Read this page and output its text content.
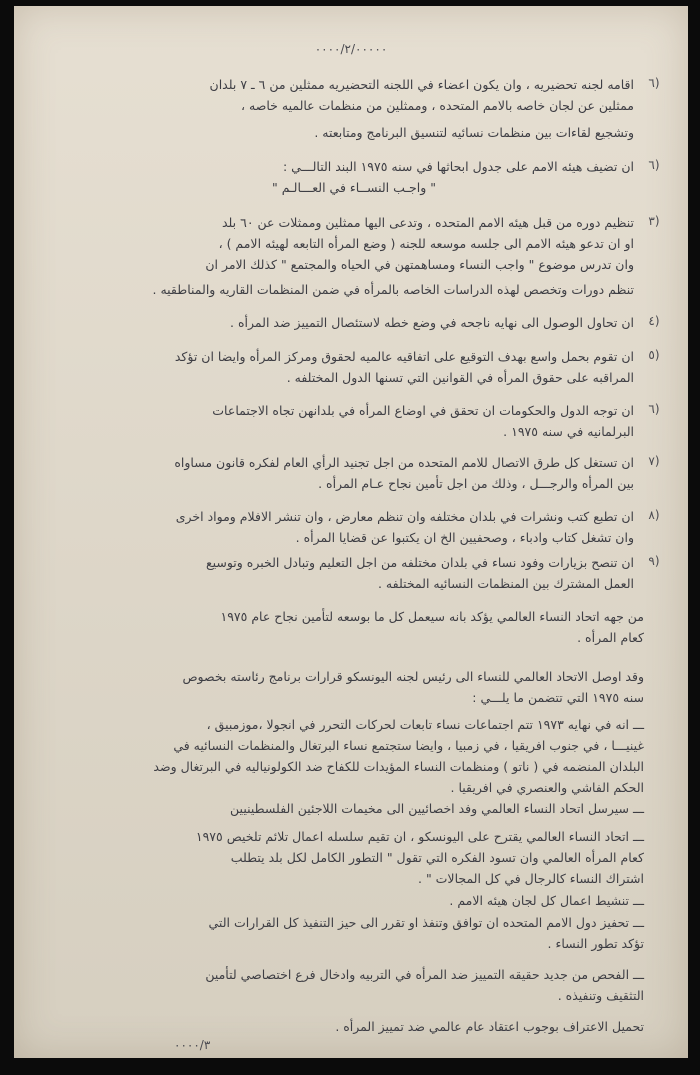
٠٠٠٠/٢/٠٠٠٠٠
٦)
اقامه لجنه تحضيريه ، وان يكون اعضاء في اللجنه التحضيريه ممثلين من ٦ ـ ٧ بلدان
ممثلين عن لجان خاصه بالامم المتحده ، وممثلين من منظمات عالميه خاصه ،
وتشجيع لقاءات بين منظمات نسائيه لتنسيق البرنامج ومتابعته .
٦)
ان تضيف هيئه الامم على جدول ابحاثها في سنه ١٩٧٥ البند التالـــي :
" واجـب النســاء في العـــالـم "
٣)
تنظيم دوره من قبل هيئه الامم المتحده ، وتدعى اليها ممثلين وممثلات عن ٦٠ بلد
او ان تدعو هيئه الامم الى جلسه موسعه للجنه ( وضع المرأه التابعه لهيئه الامم ) ،
وان تدرس موضوع " واجب النساء ومساهمتهن في الحياه والمجتمع " كذلك الامر ان
تنظم دورات وتخصص لهذه الدراسات الخاصه بالمرأه في ضمن المنظمات القاريه والمناطقيه .
٤)
ان تحاول الوصول الى نهايه ناجحه في وضع خطه لاستئصال التمييز ضد المرأه .
٥)
ان تقوم بحمل واسع بهدف التوقيع على اتفاقيه عالميه لحقوق ومركز المرأه وايضا ان تؤكد
المراقبه على حقوق المرأه في القوانين التي تسنها الدول المختلفه .
٦)
ان توجه الدول والحكومات ان تحقق في اوضاع المرأه في بلدانهن تجاه الاجتماعات
البرلمانيه في سنه ١٩٧٥ .
٧)
ان تستغل كل طرق الاتصال للامم المتحده من اجل تجنيد الرأي العام لفكره قانون مساواه
بين المرأه والرجـــل ، وذلك من اجل تأمين نجاح عـام المرأه .
٨)
ان تطبع كتب ونشرات في بلدان مختلفه وان تنظم معارض ، وان تنشر الافلام ومواد اخرى
وان تشغل كتاب وادباء ، وصحفيين الخ ان يكتبوا عن قضايا المرأه .
٩)
ان تنصح بزيارات وفود نساء في بلدان مختلفه من اجل التعليم وتبادل الخبره وتوسيع
العمل المشترك بين المنظمات النسائيه المختلفه .
من جهه اتحاد النساء العالمي يؤكد بانه سيعمل كل ما بوسعه لتأمين نجاح عام ١٩٧٥
كعام المرأه .
وقد اوصل الاتحاد العالمي للنساء الى رئيس لجنه اليونسكو قرارات برنامج رئاسته بخصوص
سنه ١٩٧٥ التي تتضمن ما يلـــي :
ـــ انه في نهايه ١٩٧٣ تتم اجتماعات نساء تابعات لحركات التحرر في انجولا ،موزمبيق ،
غينيـــا ، في جنوب افريقيا ، في زمبيا ، وايضا ستجتمع نساء البرتغال والمنظمات النسائيه في
البلدان المنضمه في ( ناتو ) ومنظمات النساء المؤيدات للكفاح ضد الكولونياليه في البرتغال وضد
الحكم الفاشي والعنصري في افريقيا .
ـــ سيرسل اتحاد النساء العالمي وفد اخصائيين الى مخيمات اللاجئين الفلسطينيين
ـــ اتحاد النساء العالمي يقترح على اليونسكو ، ان تقيم سلسله اعمال تلائم تلخيص ١٩٧٥
كعام المرأه العالمي وان تسود الفكره التي تقول " التطور الكامل لكل بلد يتطلب
اشتراك النساء كالرجال في كل المجالات " .
ـــ تنشيط اعمال كل لجان هيئه الامم .
ـــ تحفيز دول الامم المتحده ان توافق وتنفذ او تقرر الى حيز التنفيذ كل القرارات التي
تؤكد تطور النساء .
ـــ الفحص من جديد حقيقه التمييز ضد المرأه في التربيه وادخال فرع اختصاصي لتأمين
التثقيف وتنفيذه .
تحميل الاعتراف بوجوب اعتقاد عام عالمي ضد تمييز المرأه .
٠٠٠٠/٣
